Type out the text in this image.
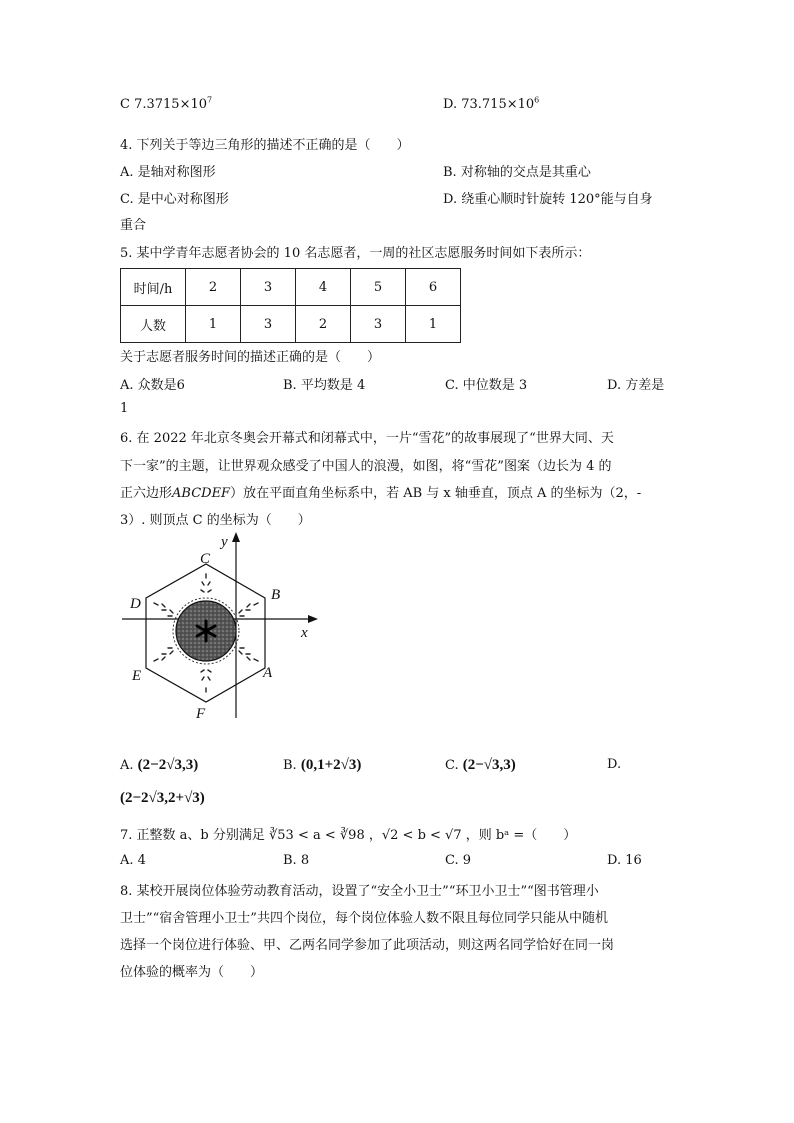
C $7.3715\times 10^7$	D. $73.715\times 10^6$
4. 下列关于等边三角形的描述不正确的是（　　）
A. 是轴对称图形	B. 对称轴的交点是其重心
C. 是中心对称图形	D. 绕重心顺时针旋转 120°能与自身
重合
5. 某中学青年志愿者协会的 10 名志愿者，一周的社区志愿服务时间如下表所示：
时间/h	2	3	4	5	6
人数	1	3	2	3	1
关于志愿者服务时间的描述正确的是（　　）
A. 众数是6	B. 平均数是 4	C. 中位数是 3	D. 方差是
1
6. 在 2022 年北京冬奥会开幕式和闭幕式中，一片“雪花”的故事展现了“世界大同、天
下一家”的主题，让世界观众感受了中国人的浪漫，如图，将“雪花”图案（边长为 4 的
正六边形ABCDEF）放在平面直角坐标系中，若 AB 与 x 轴垂直，顶点 A 的坐标为（2，-
3）. 则顶点 C 的坐标为（　　）
y
x
C
B
D
E	A
F
A. (2−2√3,3)	B. (0,1+2√3)	C. (2−√3,3)	D.
(2−2√3,2+√3)
7. 正整数 a、b 分别满足 ∛53 < a < ∛98 ，√2 < b < √7 ，则 bᵃ =（　　）
A. 4	B. 8	C. 9	D. 16
8. 某校开展岗位体验劳动教育活动，设置了“安全小卫士”“环卫小卫士”“图书管理小
卫士”“宿舍管理小卫士”共四个岗位，每个岗位体验人数不限且每位同学只能从中随机
选择一个岗位进行体验、甲、乙两名同学参加了此项活动，则这两名同学恰好在同一岗
位体验的概率为（　　）
